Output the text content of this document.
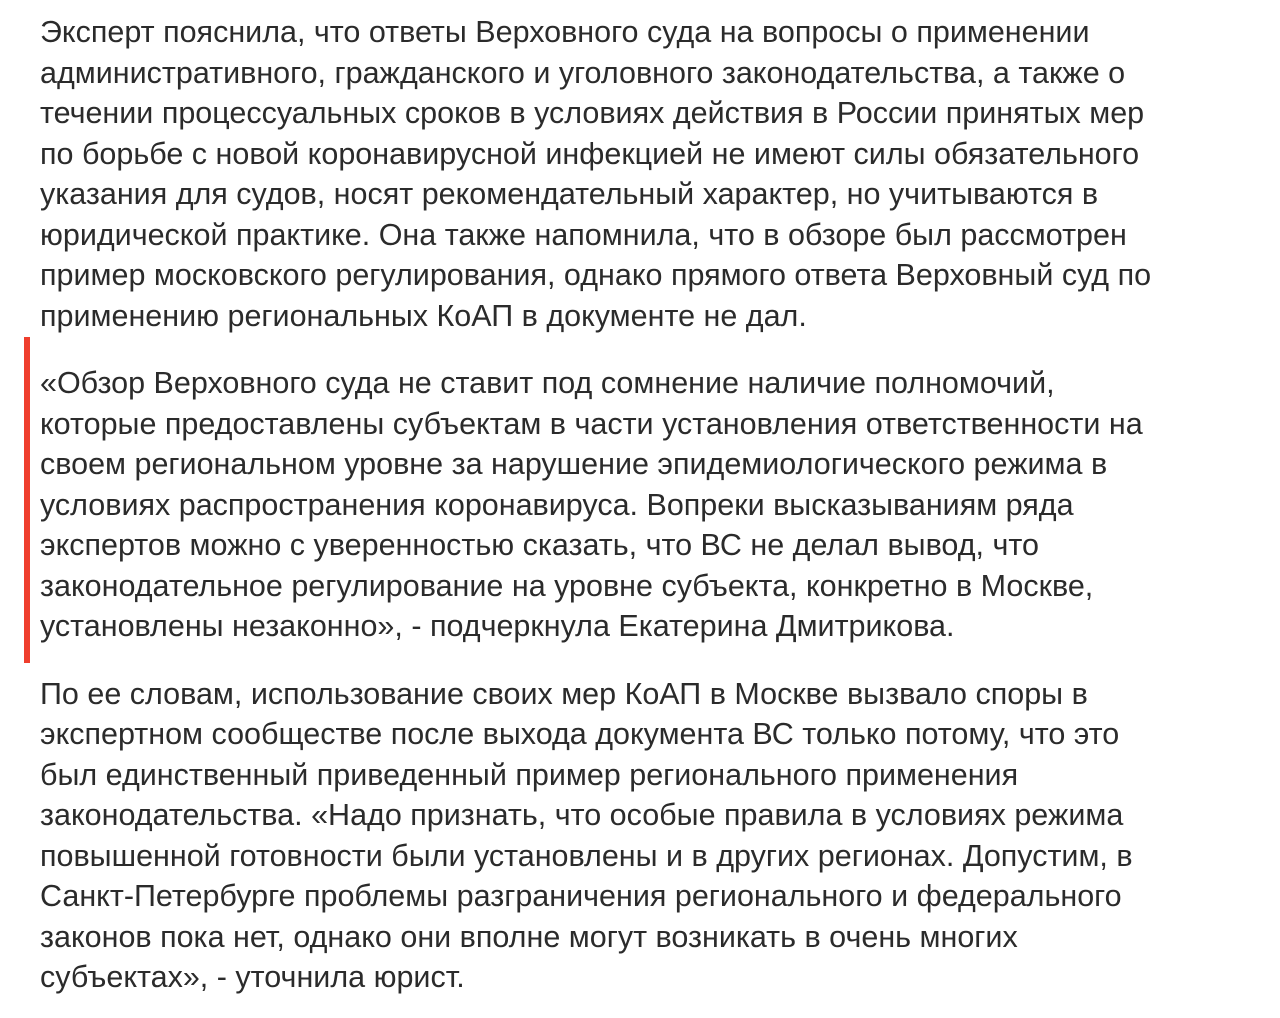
Эксперт пояснила, что ответы Верховного суда на вопросы о применении
административного, гражданского и уголовного законодательства, а также о
течении процессуальных сроков в условиях действия в России принятых мер
по борьбе с новой коронавирусной инфекцией не имеют силы обязательного
указания для судов, носят рекомендательный характер, но учитываются в
юридической практике. Она также напомнила, что в обзоре был рассмотрен
пример московского регулирования, однако прямого ответа Верховный суд по
применению региональных КоАП в документе не дал.

«Обзор Верховного суда не ставит под сомнение наличие полномочий,
которые предоставлены субъектам в части установления ответственности на
своем региональном уровне за нарушение эпидемиологического режима в
условиях распространения коронавируса. Вопреки высказываниям ряда
экспертов можно с уверенностью сказать, что ВС не делал вывод, что
законодательное регулирование на уровне субъекта, конкретно в Москве,
установлены незаконно», - подчеркнула Екатерина Дмитрикова.

По ее словам, использование своих мер КоАП в Москве вызвало споры в
экспертном сообществе после выхода документа ВС только потому, что это
был единственный приведенный пример регионального применения
законодательства. «Надо признать, что особые правила в условиях режима
повышенной готовности были установлены и в других регионах. Допустим, в
Санкт-Петербурге проблемы разграничения регионального и федерального
законов пока нет, однако они вполне могут возникать в очень многих
субъектах», - уточнила юрист.
